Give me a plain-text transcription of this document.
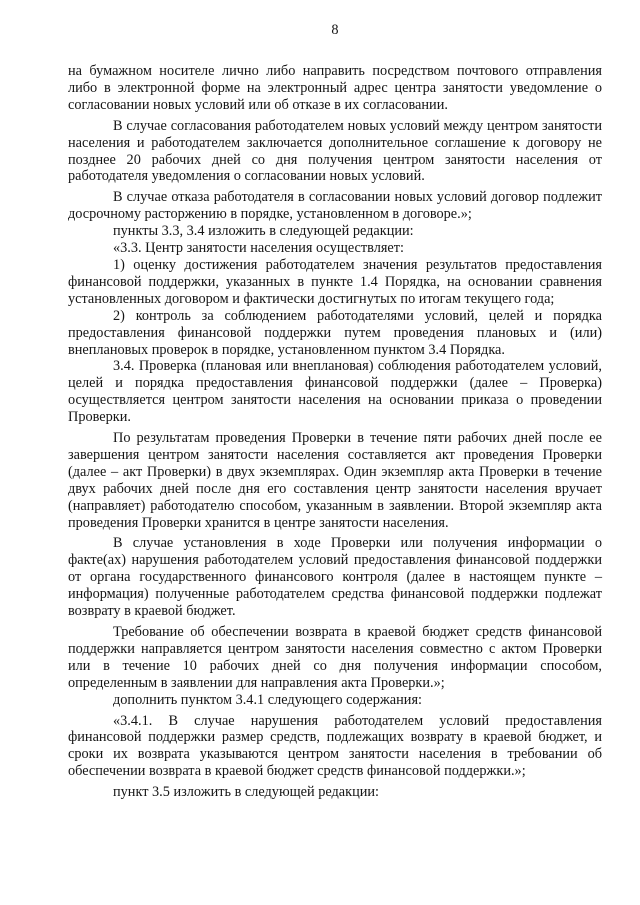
8

на бумажном носителе лично либо направить посредством почтового отправления либо в электронной форме на электронный адрес центра занятости уведомление о согласовании новых условий или об отказе в их согласовании.

В случае согласования работодателем новых условий между центром занятости населения и работодателем заключается дополнительное соглашение к договору не позднее 20 рабочих дней со дня получения центром занятости населения от работодателя уведомления о согласовании новых условий.

В случае отказа работодателя в согласовании новых условий договор подлежит досрочному расторжению в порядке, установленном в договоре.»;

пункты 3.3, 3.4 изложить в следующей редакции:

«3.3. Центр занятости населения осуществляет:

1) оценку достижения работодателем значения результатов предоставления финансовой поддержки, указанных в пункте 1.4 Порядка, на основании сравнения установленных договором и фактически достигнутых по итогам текущего года;

2) контроль за соблюдением работодателями условий, целей и порядка предоставления финансовой поддержки путем проведения плановых и (или) внеплановых проверок в порядке, установленном пунктом 3.4 Порядка.

3.4. Проверка (плановая или внеплановая) соблюдения работодателем условий, целей и порядка предоставления финансовой поддержки (далее – Проверка) осуществляется центром занятости населения на основании приказа о проведении Проверки.

По результатам проведения Проверки в течение пяти рабочих дней после ее завершения центром занятости населения составляется акт проведения Проверки (далее – акт Проверки) в двух экземплярах. Один экземпляр акта Проверки в течение двух рабочих дней после дня его составления центр занятости населения вручает (направляет) работодателю способом, указанным в заявлении. Второй экземпляр акта проведения Проверки хранится в центре занятости населения.

В случае установления в ходе Проверки или получения информации о факте(ах) нарушения работодателем условий предоставления финансовой поддержки от органа государственного финансового контроля (далее в настоящем пункте – информация) полученные работодателем средства финансовой поддержки подлежат возврату в краевой бюджет.

Требование об обеспечении возврата в краевой бюджет средств финансовой поддержки направляется центром занятости населения совместно с актом Проверки или в течение 10 рабочих дней со дня получения информации способом, определенным в заявлении для направления акта Проверки.»;

дополнить пунктом 3.4.1 следующего содержания:

«3.4.1. В случае нарушения работодателем условий предоставления финансовой поддержки размер средств, подлежащих возврату в краевой бюджет, и сроки их возврата указываются центром занятости населения в требовании об обеспечении возврата в краевой бюджет средств финансовой поддержки.»;

пункт 3.5 изложить в следующей редакции:
